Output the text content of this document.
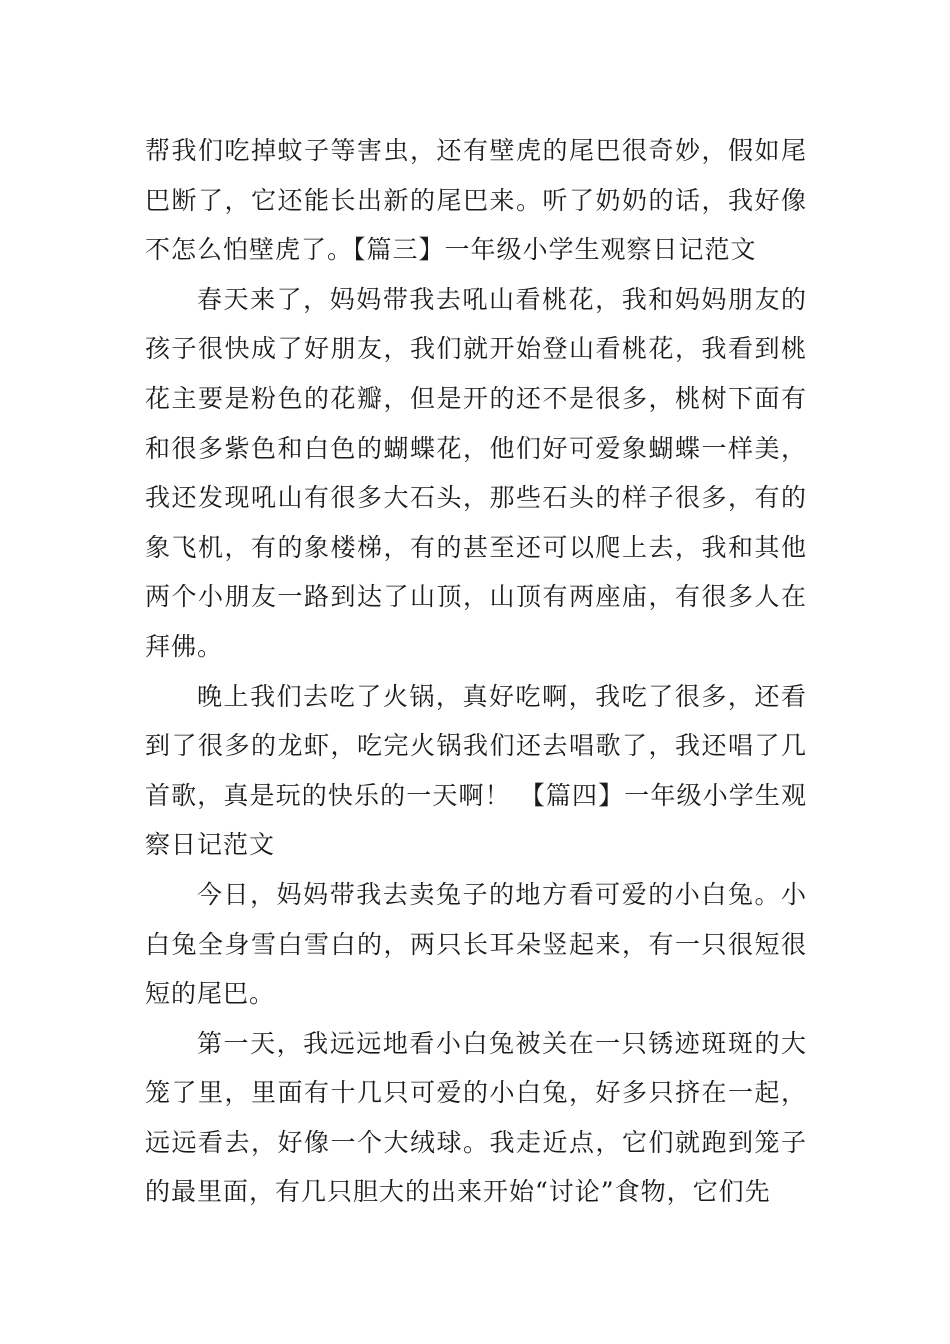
帮我们吃掉蚊子等害虫，还有壁虎的尾巴很奇妙，假如尾巴断了，它还能长出新的尾巴来。听了奶奶的话，我好像不怎么怕壁虎了。【篇三】一年级小学生观察日记范文

春天来了，妈妈带我去吼山看桃花，我和妈妈朋友的孩子很快成了好朋友，我们就开始登山看桃花，我看到桃花主要是粉色的花瓣，但是开的还不是很多，桃树下面有和很多紫色和白色的蝴蝶花，他们好可爱象蝴蝶一样美，我还发现吼山有很多大石头，那些石头的样子很多，有的象飞机，有的象楼梯，有的甚至还可以爬上去，我和其他两个小朋友一路到达了山顶，山顶有两座庙，有很多人在拜佛。

晚上我们去吃了火锅，真好吃啊，我吃了很多，还看到了很多的龙虾，吃完火锅我们还去唱歌了，我还唱了几首歌，真是玩的快乐的一天啊！ 【篇四】一年级小学生观察日记范文

今日，妈妈带我去卖兔子的地方看可爱的小白兔。小白兔全身雪白雪白的，两只长耳朵竖起来，有一只很短很短的尾巴。

第一天，我远远地看小白兔被关在一只锈迹斑斑的大笼了里，里面有十几只可爱的小白兔，好多只挤在一起，远远看去，好像一个大绒球。我走近点，它们就跑到笼子的最里面，有几只胆大的出来开始“讨论”食物，它们先
